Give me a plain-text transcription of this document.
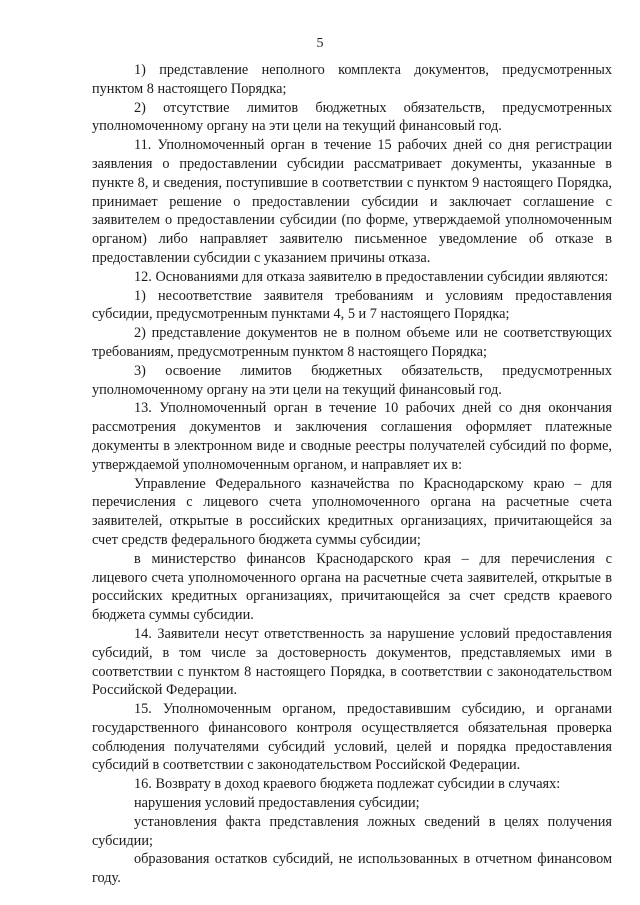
5

1) представление неполного комплекта документов, предусмотренных пунктом 8 настоящего Порядка;

2) отсутствие лимитов бюджетных обязательств, предусмотренных уполномоченному органу на эти цели на текущий финансовый год.

11. Уполномоченный орган в течение 15 рабочих дней со дня регистрации заявления о предоставлении субсидии рассматривает документы, указанные в пункте 8, и сведения, поступившие в соответствии с пунктом 9 настоящего Порядка, принимает решение о предоставлении субсидии и заключает соглашение с заявителем о предоставлении субсидии (по форме, утверждаемой уполномоченным органом) либо направляет заявителю письменное уведомление об отказе в предоставлении субсидии с указанием причины отказа.

12. Основаниями для отказа заявителю в предоставлении субсидии являются:

1) несоответствие заявителя требованиям и условиям предоставления субсидии, предусмотренным пунктами 4, 5 и 7 настоящего Порядка;

2) представление документов не в полном объеме или не соответствующих требованиям, предусмотренным пунктом 8 настоящего Порядка;

3) освоение лимитов бюджетных обязательств, предусмотренных уполномоченному органу на эти цели на текущий финансовый год.

13. Уполномоченный орган в течение 10 рабочих дней со дня окончания рассмотрения документов и заключения соглашения оформляет платежные документы в электронном виде и сводные реестры получателей субсидий по форме, утверждаемой уполномоченным органом, и направляет их в:

Управление Федерального казначейства по Краснодарскому краю – для перечисления с лицевого счета уполномоченного органа на расчетные счета заявителей, открытые в российских кредитных организациях, причитающейся за счет средств федерального бюджета суммы субсидии;

в министерство финансов Краснодарского края – для перечисления с лицевого счета уполномоченного органа на расчетные счета заявителей, открытые в российских кредитных организациях, причитающейся за счет средств краевого бюджета суммы субсидии.

14. Заявители несут ответственность за нарушение условий предоставления субсидий, в том числе за достоверность документов, представляемых ими в соответствии с пунктом 8 настоящего Порядка, в соответствии с законодательством Российской Федерации.

15. Уполномоченным органом, предоставившим субсидию, и органами государственного финансового контроля осуществляется обязательная проверка соблюдения получателями субсидий условий, целей и порядка предоставления субсидий в соответствии с законодательством Российской Федерации.

16. Возврату в доход краевого бюджета подлежат субсидии в случаях:

нарушения условий предоставления субсидии;

установления факта представления ложных сведений в целях получения субсидии;

образования остатков субсидий, не использованных в отчетном финансовом году.
